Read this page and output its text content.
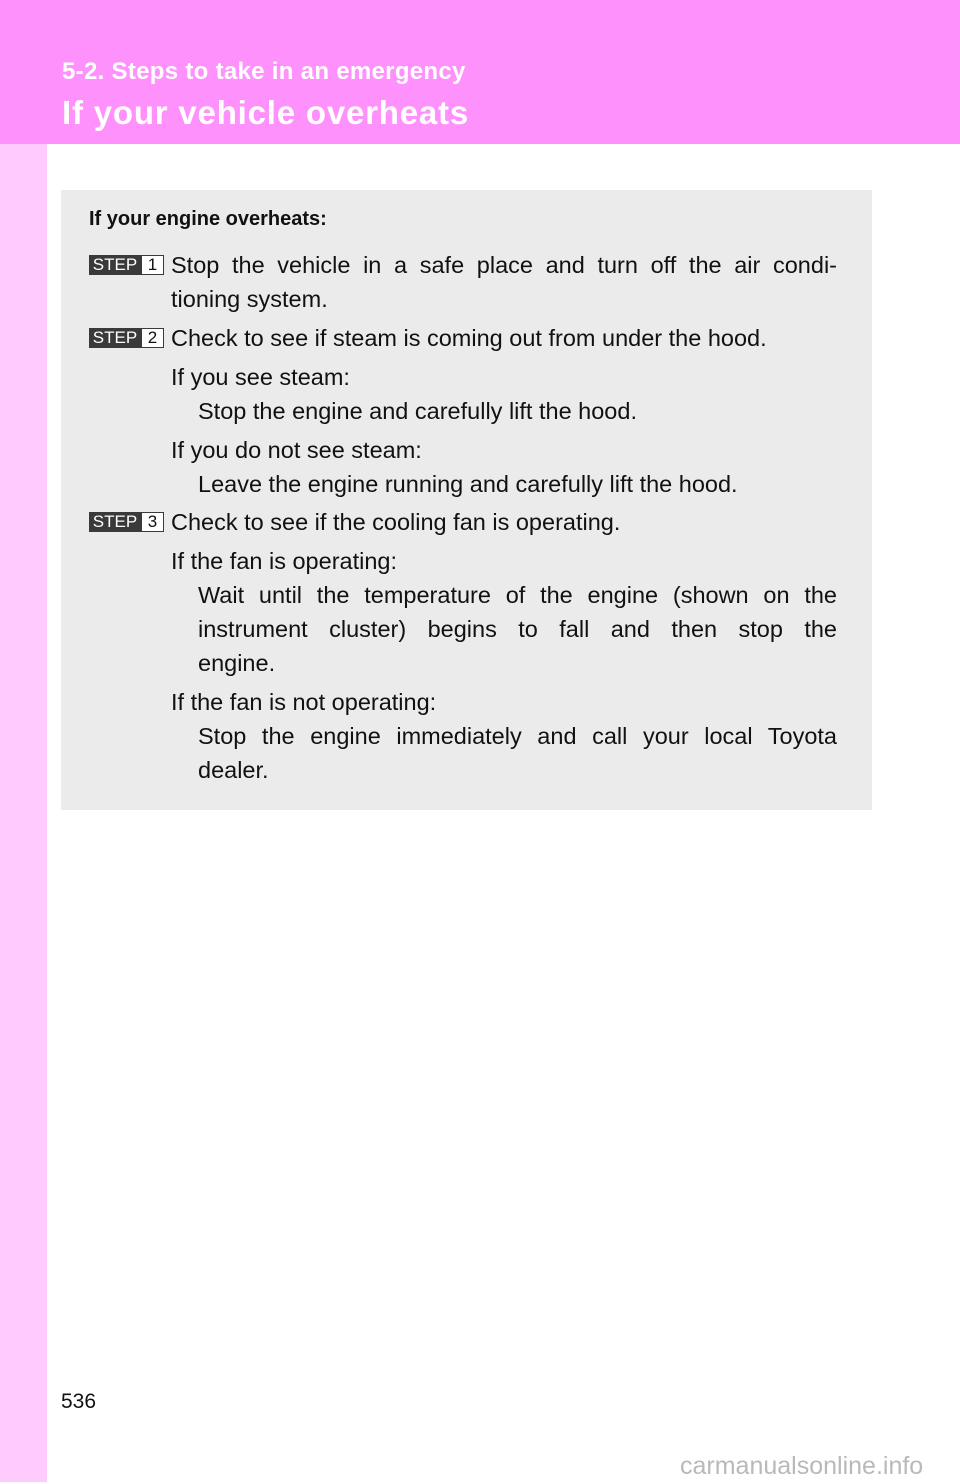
5-2. Steps to take in an emergency
If your vehicle overheats
If your engine overheats:
STEP 1 Stop the vehicle in a safe place and turn off the air condi-
tioning system.
STEP 2 Check to see if steam is coming out from under the hood.
If you see steam:
Stop the engine and carefully lift the hood.
If you do not see steam:
Leave the engine running and carefully lift the hood.
STEP 3 Check to see if the cooling fan is operating.
If the fan is operating:
Wait until the temperature of the engine (shown on the
instrument cluster) begins to fall and then stop the
engine.
If the fan is not operating:
Stop the engine immediately and call your local Toyota
dealer.
536
carmanualsonline.info
